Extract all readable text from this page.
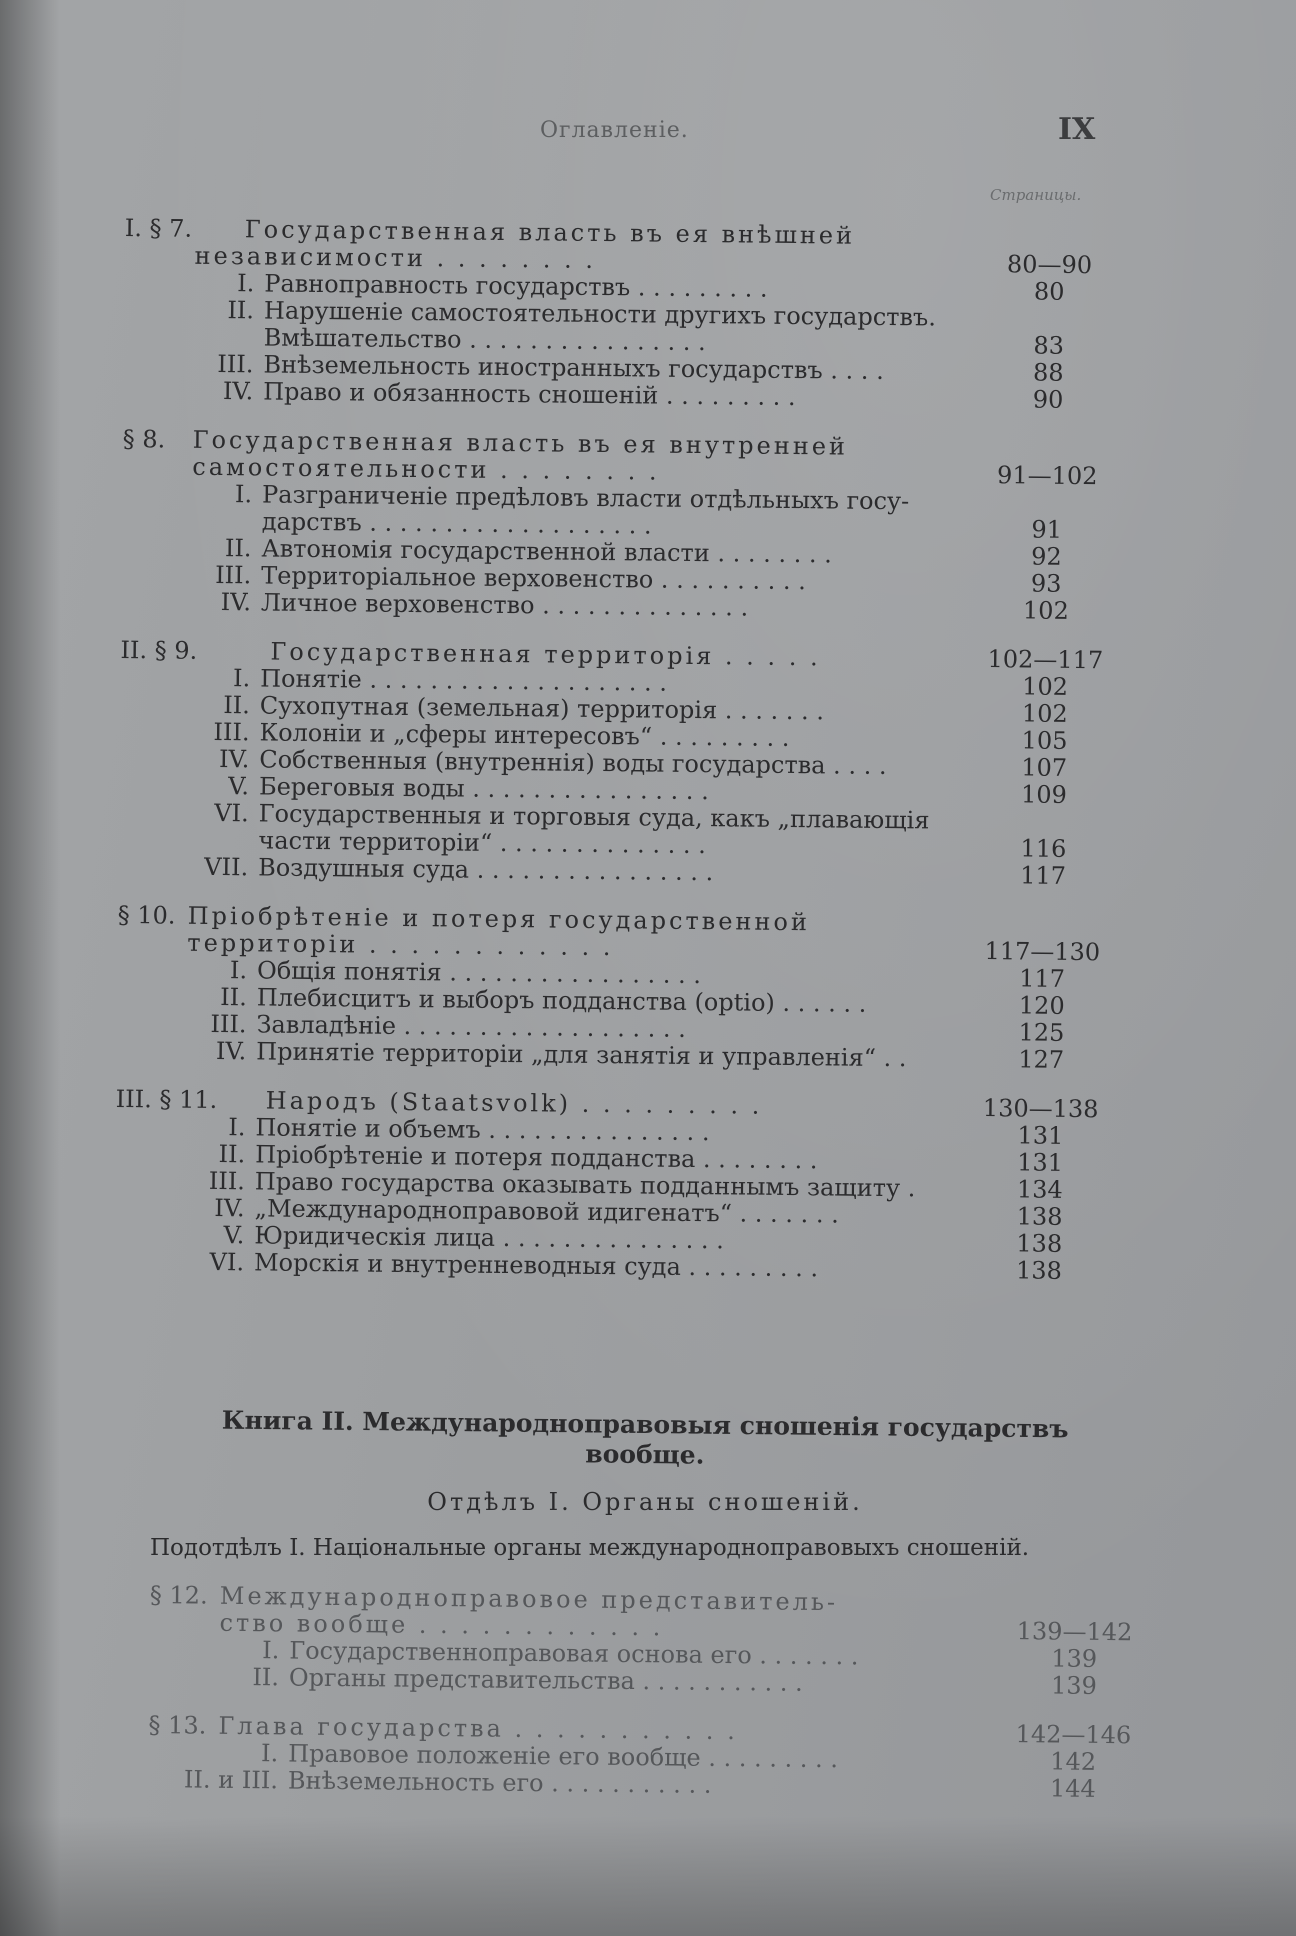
Оглавленіе.	IX
Страницы.
I. § 7. Государственная власть въ ея внѣшней
независимости . . . . . . . .	80—90
I. Равноправность государствъ . . . . . . . . .	80
II. Нарушеніе самостоятельности другихъ государствъ.
Вмѣшательство . . . . . . . . . . . . . . . .	83
III. Внѣземельность иностранныхъ государствъ . . . .	88
IV. Право и обязанность сношеній . . . . . . . . .	90
§ 8. Государственная власть въ ея внутренней
самостоятельности . . . . . . . .	91—102
I. Разграниченіе предѣловъ власти отдѣльныхъ госу-
дарствъ . . . . . . . . . . . . . . . . . . .	91
II. Автономія государственной власти . . . . . . . .	92
III. Территоріальное верховенство . . . . . . . . . .	93
IV. Личное верховенство . . . . . . . . . . . . . .	102
II. § 9.	Государственная территорія . . . . .	102—117
I. Понятіе . . . . . . . . . . . . . . . . . . . .	102
II. Сухопутная (земельная) территорія . . . . . . .	102
III. Колоніи и „сферы интересовъ“ . . . . . . . . .	105
IV. Собственныя (внутреннія) воды государства . . . .	107
V. Береговыя воды . . . . . . . . . . . . . . . .	109
VI. Государственныя и торговыя суда, какъ „плавающія
части территоріи“ . . . . . . . . . . . . . .	116
VII. Воздушныя суда . . . . . . . . . . . . . . . .	117
§ 10. Пріобрѣтеніе и потеря государственной
территоріи . . . . . . . . . . . .	117—130
I. Общія понятія . . . . . . . . . . . . . . . . .	117
II. Плебисцитъ и выборъ подданства (optio) . . . . . .	120
III. Завладѣніе . . . . . . . . . . . . . . . . . . .	125
IV. Принятіе территоріи „для занятія и управленія“ . .	127
III. § 11. Народъ (Staatsvolk) . . . . . . . . .	130—138
I. Понятіе и объемъ . . . . . . . . . . . . . . .	131
II. Пріобрѣтеніе и потеря подданства . . . . . . . .	131
III. Право государства оказывать подданнымъ защиту .	134
IV. „Международноправовой идигенатъ“ . . . . . . .	138
V. Юридическія лица . . . . . . . . . . . . . . .	138
VI. Морскія и внутренневодныя суда . . . . . . . . .	138
Книга II. Международноправовыя сношенія государствъ
вообще.
Отдѣлъ I. Органы сношеній.
Подотдѣлъ I. Національные органы международноправовыхъ сношеній.
§ 12. Международноправовое представитель-
ство вообще . . . . . . . . . . . .	139—142
I. Государственноправовая основа его . . . . . . .	139
II. Органы представительства . . . . . . . . . . .	139
§ 13. Глава государства . . . . . . . . . . .	142—146
I. Правовое положеніе его вообще . . . . . . . . .	142
II. и III. Внѣземельность его . . . . . . . . . . .	144
